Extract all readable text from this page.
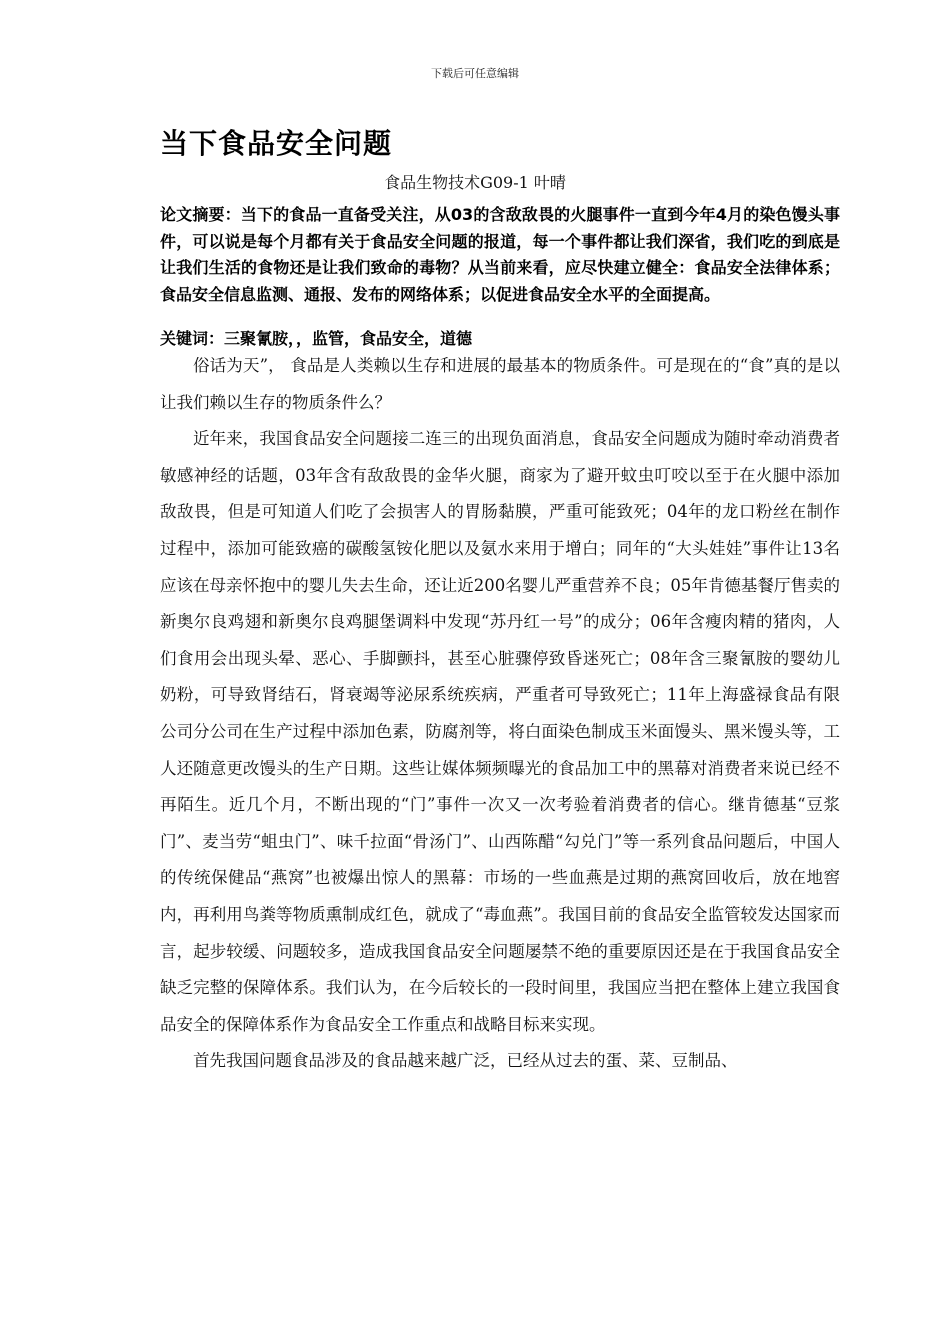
下载后可任意编辑
当下食品安全问题
食品生物技术G09-1 叶晴
论文摘要：当下的食品一直备受关注，从03的含敌敌畏的火腿事件一直到今年4月的染色馒头事件，可以说是每个月都有关于食品安全问题的报道，每一个事件都让我们深省，我们吃的到底是让我们生活的食物还是让我们致命的毒物？从当前来看，应尽快建立健全：食品安全法律体系；食品安全信息监测、通报、发布的网络体系；以促进食品安全水平的全面提高。
关键词：三聚氰胺，，监管，食品安全，道德

俗话为天”， 食品是人类赖以生存和进展的最基本的物质条件。可是现在的“食”真的是以让我们赖以生存的物质条件么？

近年来，我国食品安全问题接二连三的出现负面消息，食品安全问题成为随时牵动消费者敏感神经的话题，03年含有敌敌畏的金华火腿，商家为了避开蚊虫叮咬以至于在火腿中添加敌敌畏，但是可知道人们吃了会损害人的胃肠黏膜，严重可能致死；04年的龙口粉丝在制作过程中，添加可能致癌的碳酸氢铵化肥以及氨水来用于增白；同年的“大头娃娃”事件让13名应该在母亲怀抱中的婴儿失去生命，还让近200名婴儿严重营养不良；05年肯德基餐厅售卖的新奥尔良鸡翅和新奥尔良鸡腿堡调料中发现“苏丹红一号”的成分；06年含瘦肉精的猪肉，人们食用会出现头晕、恶心、手脚颤抖，甚至心脏骤停致昏迷死亡；08年含三聚氰胺的婴幼儿奶粉，可导致肾结石，肾衰竭等泌尿系统疾病，严重者可导致死亡；11年上海盛禄食品有限公司分公司在生产过程中添加色素，防腐剂等，将白面染色制成玉米面馒头、黑米馒头等，工人还随意更改馒头的生产日期。这些让媒体频频曝光的食品加工中的黑幕对消费者来说已经不再陌生。近几个月，不断出现的“门”事件一次又一次考验着消费者的信心。继肯德基“豆浆门”、麦当劳“蛆虫门”、味千拉面“骨汤门”、山西陈醋“勾兑门”等一系列食品问题后，中国人的传统保健品“燕窝”也被爆出惊人的黑幕：市场的一些血燕是过期的燕窝回收后，放在地窖内，再利用鸟粪等物质熏制成红色，就成了“毒血燕”。我国目前的食品安全监管较发达国家而言，起步较缓、问题较多，造成我国食品安全问题屡禁不绝的重要原因还是在于我国食品安全缺乏完整的保障体系。我们认为，在今后较长的一段时间里，我国应当把在整体上建立我国食品安全的保障体系作为食品安全工作重点和战略目标来实现。

首先我国问题食品涉及的食品越来越广泛，已经从过去的蛋、菜、豆制品、
